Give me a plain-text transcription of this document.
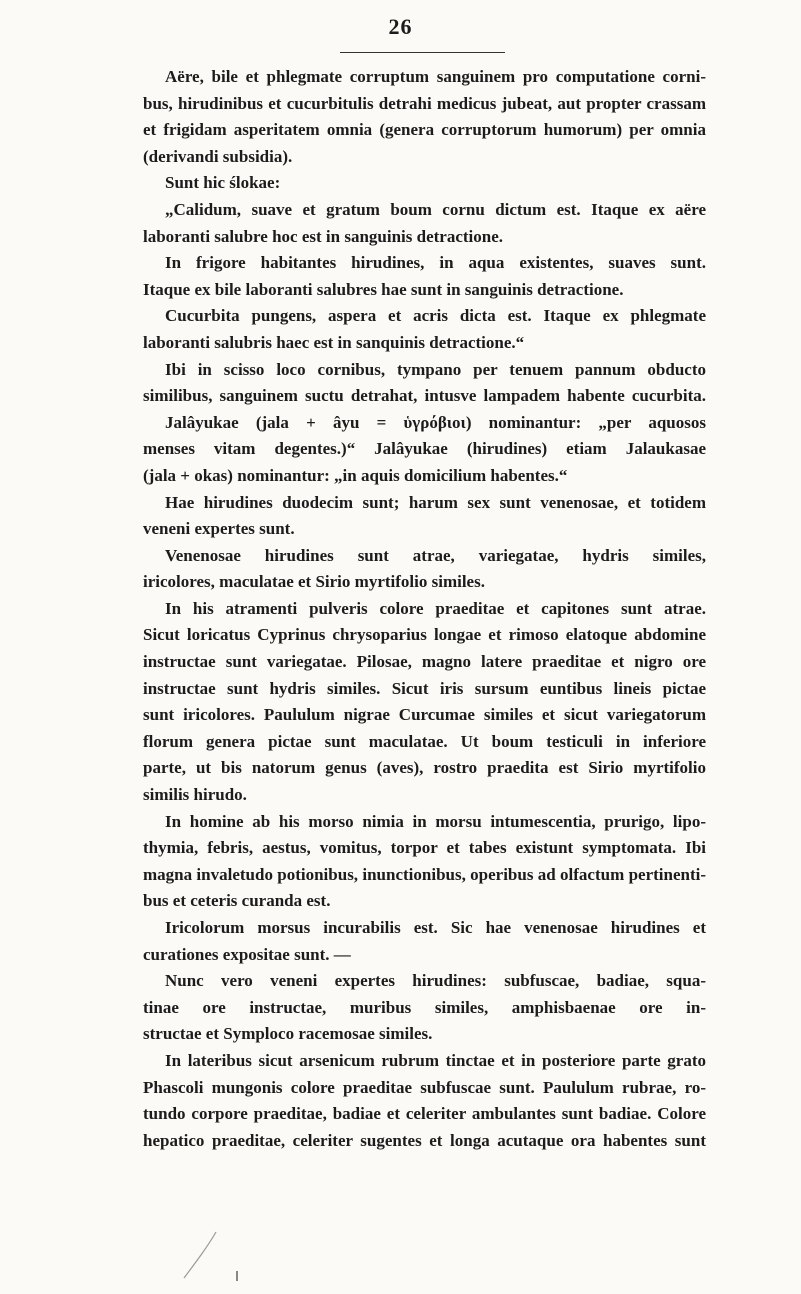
26
Aëre, bile et phlegmate corruptum sanguinem pro computatione corni-
bus, hirudinibus et cucurbitulis detrahi medicus jubeat, aut propter crassam
et frigidam asperitatem omnia (genera corruptorum humorum) per omnia
(derivandi subsidia).
Sunt hic ślokae:
„Calidum, suave et gratum boum cornu dictum est. Itaque ex aëre
laboranti salubre hoc est in sanguinis detractione.
In frigore habitantes hirudines, in aqua existentes, suaves sunt.
Itaque ex bile laboranti salubres hae sunt in sanguinis detractione.
Cucurbita pungens, aspera et acris dicta est. Itaque ex phlegmate
laboranti salubris haec est in sanquinis detractione.“
Ibi in scisso loco cornibus, tympano per tenuem pannum obducto
similibus, sanguinem suctu detrahat, intusve lampadem habente cucurbita.
Jalâyukae (jala + âyu = ὑγρόβιοι) nominantur: „per aquosos
menses vitam degentes.)“ Jalâyukae (hirudines) etiam Jalaukasae
(jala + okas) nominantur: „in aquis domicilium habentes.“
Hae hirudines duodecim sunt; harum sex sunt venenosae, et totidem
veneni expertes sunt.
Venenosae hirudines sunt atrae, variegatae, hydris similes,
iricolores, maculatae et Sirio myrtifolio similes.
In his atramenti pulveris colore praeditae et capitones sunt atrae.
Sicut loricatus Cyprinus chrysoparius longae et rimoso elatoque abdomine
instructae sunt variegatae. Pilosae, magno latere praeditae et nigro ore
instructae sunt hydris similes. Sicut iris sursum euntibus lineis pictae
sunt iricolores. Paululum nigrae Curcumae similes et sicut variegatorum
florum genera pictae sunt maculatae. Ut boum testiculi in inferiore
parte, ut bis natorum genus (aves), rostro praedita est Sirio myrtifolio
similis hirudo.
In homine ab his morso nimia in morsu intumescentia, prurigo, lipo-
thymia, febris, aestus, vomitus, torpor et tabes existunt symptomata. Ibi
magna invaletudo potionibus, inunctionibus, operibus ad olfactum pertinenti-
bus et ceteris curanda est.
Iricolorum morsus incurabilis est. Sic hae venenosae hirudines et
curationes expositae sunt. —
Nunc vero veneni expertes hirudines: subfuscae, badiae, squa-
tinae ore instructae, muribus similes, amphisbaenae ore in-
structae et Symploco racemosae similes.
In lateribus sicut arsenicum rubrum tinctae et in posteriore parte grato
Phascoli mungonis colore praeditae subfuscae sunt. Paululum rubrae, ro-
tundo corpore praeditae, badiae et celeriter ambulantes sunt badiae. Colore
hepatico praeditae, celeriter sugentes et longa acutaque ora habentes sunt
